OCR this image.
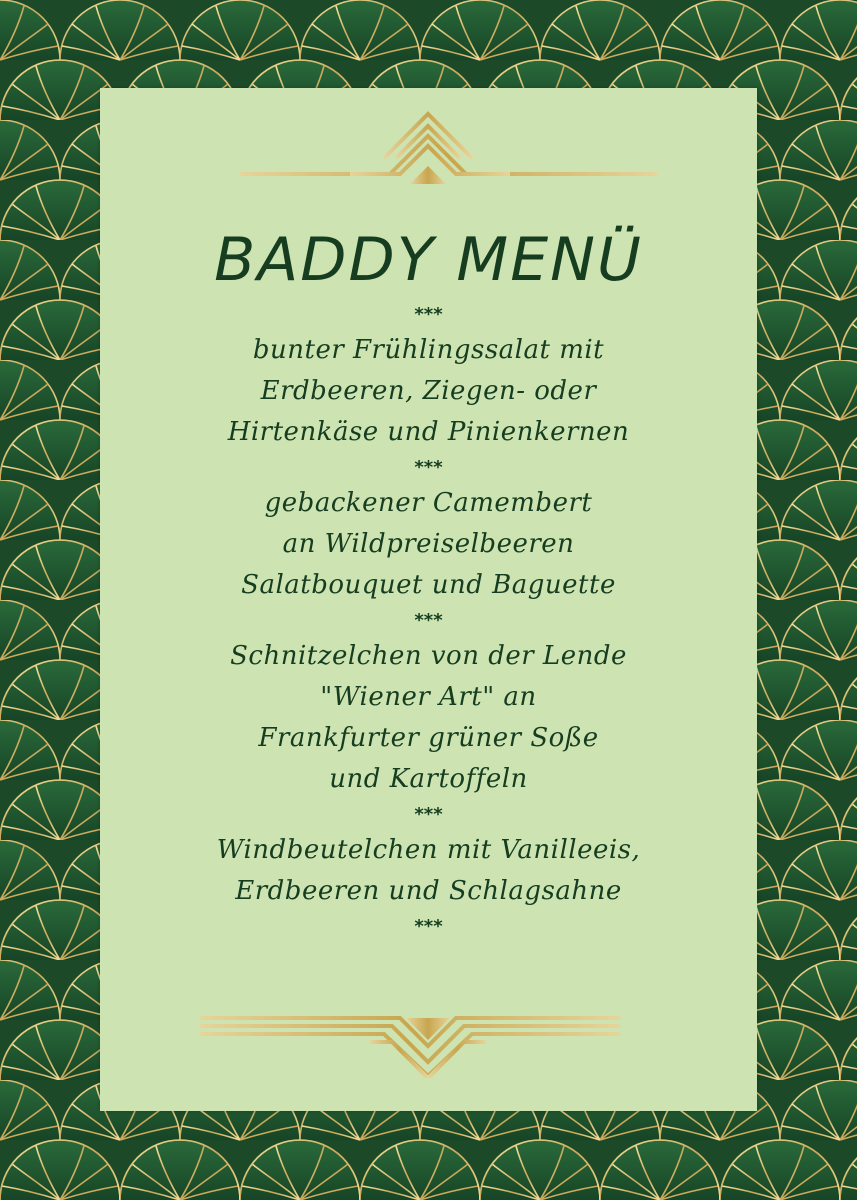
BADDY MENÜ
***
bunter Frühlingssalat mit
Erdbeeren, Ziegen- oder
Hirtenkäse und Pinienkernen
***
gebackener Camembert
an Wildpreiselbeeren
Salatbouquet und Baguette
***
Schnitzelchen von der Lende
"Wiener Art" an
Frankfurter grüner Soße
und Kartoffeln
***
Windbeutelchen mit Vanilleeis,
Erdbeeren und Schlagsahne
***
